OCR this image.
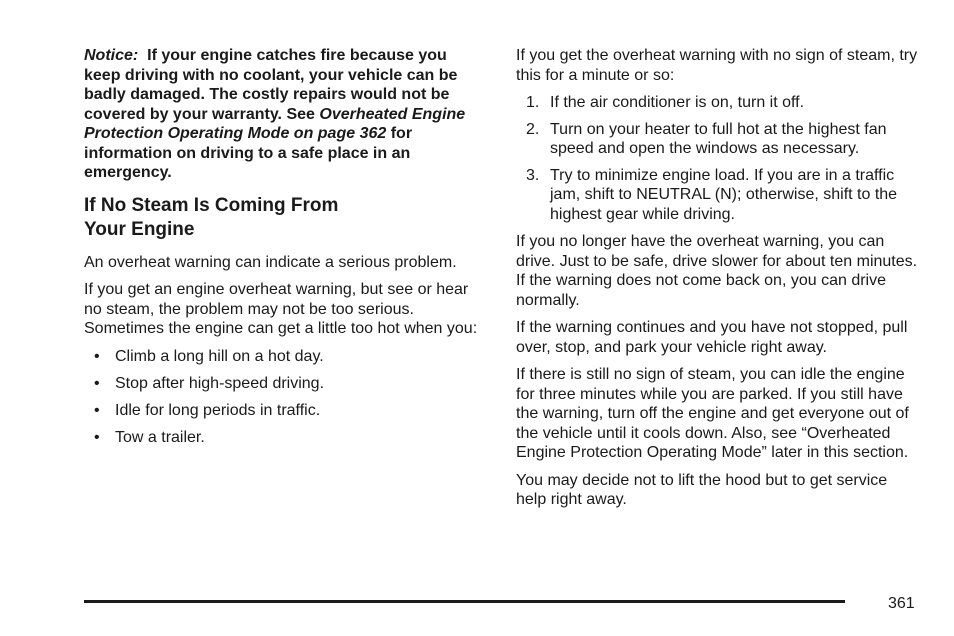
Notice: If your engine catches fire because you keep driving with no coolant, your vehicle can be badly damaged. The costly repairs would not be covered by your warranty. See Overheated Engine Protection Operating Mode on page 362 for information on driving to a safe place in an emergency.

If No Steam Is Coming From
Your Engine

An overheat warning can indicate a serious problem.

If you get an engine overheat warning, but see or hear no steam, the problem may not be too serious. Sometimes the engine can get a little too hot when you:

• Climb a long hill on a hot day.
• Stop after high-speed driving.
• Idle for long periods in traffic.
• Tow a trailer.

If you get the overheat warning with no sign of steam, try this for a minute or so:

1. If the air conditioner is on, turn it off.
2. Turn on your heater to full hot at the highest fan speed and open the windows as necessary.
3. Try to minimize engine load. If you are in a traffic jam, shift to NEUTRAL (N); otherwise, shift to the highest gear while driving.

If you no longer have the overheat warning, you can drive. Just to be safe, drive slower for about ten minutes. If the warning does not come back on, you can drive normally.

If the warning continues and you have not stopped, pull over, stop, and park your vehicle right away.

If there is still no sign of steam, you can idle the engine for three minutes while you are parked. If you still have the warning, turn off the engine and get everyone out of the vehicle until it cools down. Also, see “Overheated Engine Protection Operating Mode” later in this section.

You may decide not to lift the hood but to get service help right away.

361
